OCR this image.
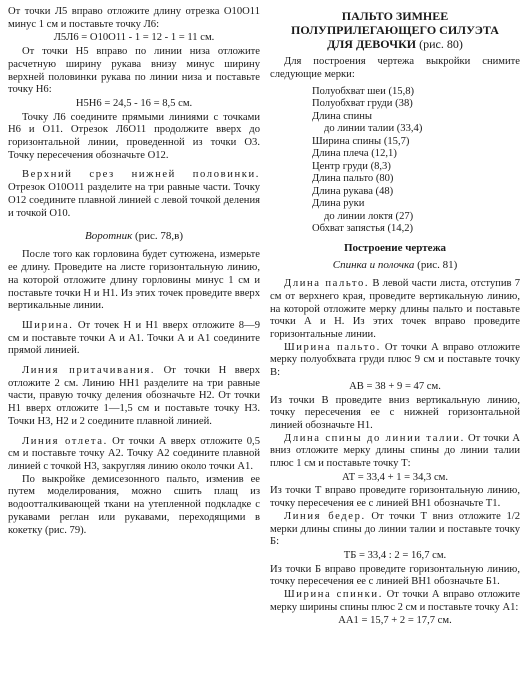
От точки Л5 вправо отложите длину отрезка О10О11 минус 1 см и поставьте точку Л6:

Л5Л6 = О10О11 - 1 = 12 - 1 = 11 см.

От точки Н5 вправо по линии низа отложите расчетную ширину рукава внизу минус ширину верхней половинки рукава по линии низа и поставьте точку Н6:

Н5Н6 = 24,5 - 16 = 8,5 см.

Точку Л6 соедините прямыми линиями с точками Н6 и О11. Отрезок Л6О11 продолжите вверх до горизонтальной линии, проведенной из точки О3. Точку пересечения обозначьте О12.

Верхний срез нижней половинки. Отрезок О10О11 разделите на три равные части. Точку О12 соедините плавной линией с левой точкой деления и точкой О10.

Воротник (рис. 78,в)

После того как горловина будет сутюжена, измерьте ее длину. Проведите на листе горизонтальную линию, на которой отложите длину горловины минус 1 см и поставьте точки Н и Н1. Из этих точек проведите вверх вертикальные линии.

Ширина. От точек Н и Н1 вверх отложите 8—9 см и поставьте точки А и А1. Точки А и А1 соедините прямой линией.

Линия притачивания. От точки Н вверх отложите 2 см. Линию НН1 разделите на три равные части, правую точку деления обозначьте Н2. От точки Н1 вверх отложите 1—1,5 см и поставьте точку Н3. Точки Н3, Н2 и 2 соедините плавной линией.

Линия отлета. От точки А вверх отложите 0,5 см и поставьте точку А2. Точку А2 соедините плавной линией с точкой Н3, закругляя линию около точки А1.

По выкройке демисезонного пальто, изменив ее путем моделирования, можно сшить плащ из водоотталкивающей ткани на утепленной подкладке с рукавами реглан или рукавами, переходящими в кокетку (рис. 79).

ПАЛЬТО ЗИМНЕЕ
ПОЛУПРИЛЕГАЮЩЕГО СИЛУЭТА
ДЛЯ ДЕВОЧКИ (рис. 80)

Для построения чертежа выкройки снимите следующие мерки:

Полуобхват шеи (15,8)
Полуобхват груди (38)
Длина спины
до линии талии (33,4)
Ширина спины (15,7)
Длина плеча (12,1)
Центр груди (8,3)
Длина пальто (80)
Длина рукава (48)
Длина руки
до линии локтя (27)
Обхват запястья (14,2)
Построение чертежа
Спинка и полочка (рис. 81)

Длина пальто. В левой части листа, отступив 7 см от верхнего края, проведите вертикальную линию, на которой отложите мерку длины пальто и поставьте точки А и Н. Из этих точек вправо проведите горизонтальные линии.

Ширина пальто. От точки А вправо отложите мерку полуобхвата груди плюс 9 см и поставьте точку В:

АВ = 38 + 9 = 47 см.

Из точки В проведите вниз вертикальную линию, точку пересечения ее с нижней горизонтальной линией обозначьте Н1.

Длина спины до линии талии. От точки А вниз отложите мерку длины спины до линии талии плюс 1 см и поставьте точку Т:

АТ = 33,4 + 1 = 34,3 см.

Из точки Т вправо проведите горизонтальную линию, точку пересечения ее с линией ВН1 обозначьте Т1.

Линия бедер. От точки Т вниз отложите 1/2 мерки длины спины до линии талии и поставьте точку Б:

ТБ = 33,4 : 2 = 16,7 см.

Из точки Б вправо проведите горизонтальную линию, точку пересечения ее с линией ВН1 обозначьте Б1.

Ширина спинки. От точки А вправо отложите мерку ширины спины плюс 2 см и поставьте точку А1:

АА1 = 15,7 + 2 = 17,7 см.
